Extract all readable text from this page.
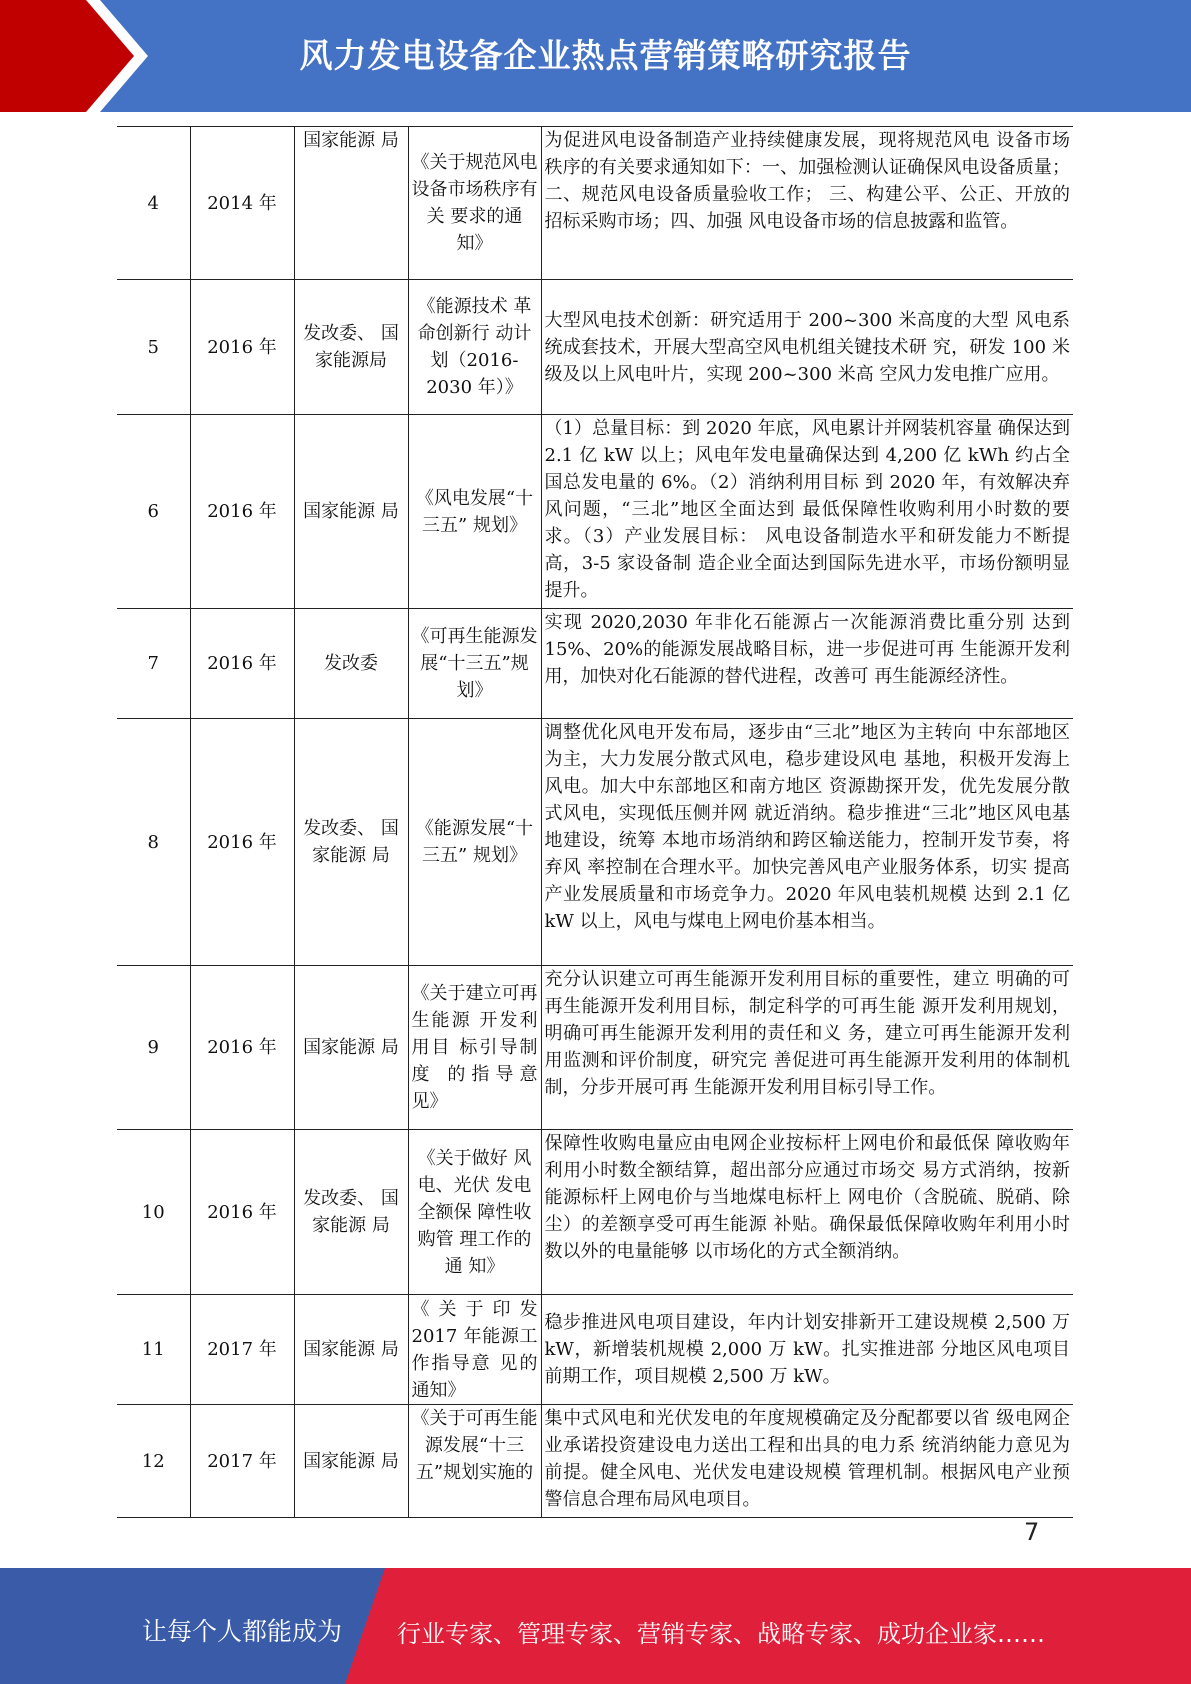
风力发电设备企业热点营销策略研究报告
4	2014 年	国家能源 局	《关于规范风电设备市场秩序有关 要求的通 知》	为促进风电设备制造产业持续健康发展，现将规范风电 设备市场秩序的有关要求通知如下：一、加强检测认证确保风电设备质量；二、规范风电设备质量验收工作； 三、构建公平、公正、开放的招标采购市场；四、加强 风电设备市场的信息披露和监管。
5	2016 年	发改委、 国家能源局	《能源技术 革命创新行 动计划（2016-2030 年）》	大型风电技术创新：研究适用于 200~300 米高度的大型 风电系统成套技术，开展大型高空风电机组关键技术研 究，研发 100 米级及以上风电叶片，实现 200~300 米高 空风力发电推广应用。
6	2016 年	国家能源 局	《风电发展“十三五” 规划》	（1）总量目标：到 2020 年底，风电累计并网装机容量 确保达到 2.1 亿 kW 以上；风电年发电量确保达到 4,200 亿 kWh 约占全国总发电量的 6%。（2）消纳利用目标 到 2020 年，有效解决弃风问题，“三北”地区全面达到 最低保障性收购利用小时数的要求。（3）产业发展目标： 风电设备制造水平和研发能力不断提高，3-5 家设备制 造企业全面达到国际先进水平，市场份额明显提升。
7	2016 年	发改委	《可再生能源发展“十三五”规 划》	实现 2020,2030 年非化石能源占一次能源消费比重分别 达到 15%、20%的能源发展战略目标，进一步促进可再 生能源开发利用，加快对化石能源的替代进程，改善可 再生能源经济性。
8	2016 年	发改委、 国家能源 局	《能源发展“十三五” 规划》	调整优化风电开发布局，逐步由“三北”地区为主转向 中东部地区为主，大力发展分散式风电，稳步建设风电 基地，积极开发海上风电。加大中东部地区和南方地区 资源勘探开发，优先发展分散式风电，实现低压侧并网 就近消纳。稳步推进“三北”地区风电基地建设，统筹 本地市场消纳和跨区输送能力，控制开发节奏，将弃风 率控制在合理水平。加快完善风电产业服务体系，切实 提高产业发展质量和市场竞争力。2020 年风电装机规模 达到 2.1 亿 kW 以上，风电与煤电上网电价基本相当。
9	2016 年	国家能源 局	《关于建立可再生能源 开发利用目 标引导制度 的指导意 见》	充分认识建立可再生能源开发利用目标的重要性，建立 明确的可再生能源开发利用目标，制定科学的可再生能 源开发利用规划，明确可再生能源开发利用的责任和义 务，建立可再生能源开发利用监测和评价制度，研究完 善促进可再生能源开发利用的体制机制，分步开展可再 生能源开发利用目标引导工作。
10	2016 年	发改委、 国家能源 局	《关于做好 风电、光伏 发电全额保 障性收购管 理工作的通 知》	保障性收购电量应由电网企业按标杆上网电价和最低保 障收购年利用小时数全额结算，超出部分应通过市场交 易方式消纳，按新能源标杆上网电价与当地煤电标杆上 网电价（含脱硫、脱硝、除尘）的差额享受可再生能源 补贴。确保最低保障收购年利用小时数以外的电量能够 以市场化的方式全额消纳。
11	2017 年	国家能源 局	《关于印发2017 年能源工作指导意 见的通知》	稳步推进风电项目建设，年内计划安排新开工建设规模 2,500 万 kW，新增装机规模 2,000 万 kW。扎实推进部 分地区风电项目前期工作，项目规模 2,500 万 kW。
12	2017 年	国家能源 局	《关于可再生能源发展“十三五”规划实施的	集中式风电和光伏发电的年度规模确定及分配都要以省 级电网企业承诺投资建设电力送出工程和出具的电力系 统消纳能力意见为前提。健全风电、光伏发电建设规模 管理机制。根据风电产业预警信息合理布局风电项目。
7
让每个人都能成为 行业专家、管理专家、营销专家、战略专家、成功企业家……
